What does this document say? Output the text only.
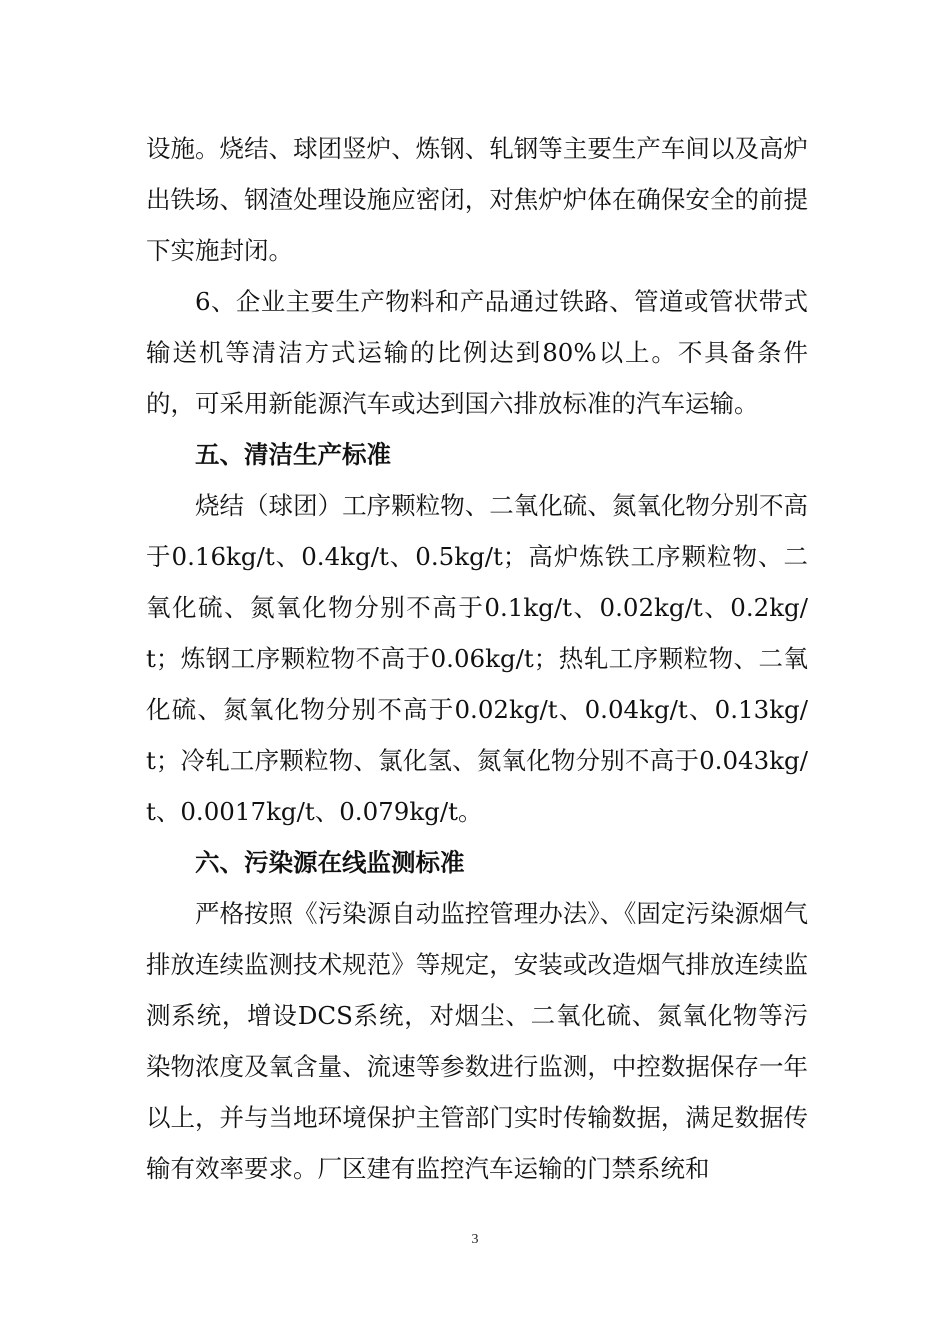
设施。烧结、球团竖炉、炼钢、轧钢等主要生产车间以及高炉出铁场、钢渣处理设施应密闭，对焦炉炉体在确保安全的前提下实施封闭。

6、企业主要生产物料和产品通过铁路、管道或管状带式输送机等清洁方式运输的比例达到80%以上。不具备条件的，可采用新能源汽车或达到国六排放标准的汽车运输。

五、清洁生产标准

烧结（球团）工序颗粒物、二氧化硫、氮氧化物分别不高于0.16kg/t、0.4kg/t、0.5kg/t；高炉炼铁工序颗粒物、二氧化硫、氮氧化物分别不高于0.1kg/t、0.02kg/t、0.2kg/t；炼钢工序颗粒物不高于0.06kg/t；热轧工序颗粒物、二氧化硫、氮氧化物分别不高于0.02kg/t、0.04kg/t、0.13kg/t；冷轧工序颗粒物、氯化氢、氮氧化物分别不高于0.043kg/t、0.0017kg/t、0.079kg/t。

六、污染源在线监测标准

严格按照《污染源自动监控管理办法》、《固定污染源烟气排放连续监测技术规范》等规定，安装或改造烟气排放连续监测系统，增设DCS系统，对烟尘、二氧化硫、氮氧化物等污染物浓度及氧含量、流速等参数进行监测，中控数据保存一年以上，并与当地环境保护主管部门实时传输数据，满足数据传输有效率要求。厂区建有监控汽车运输的门禁系统和

3
